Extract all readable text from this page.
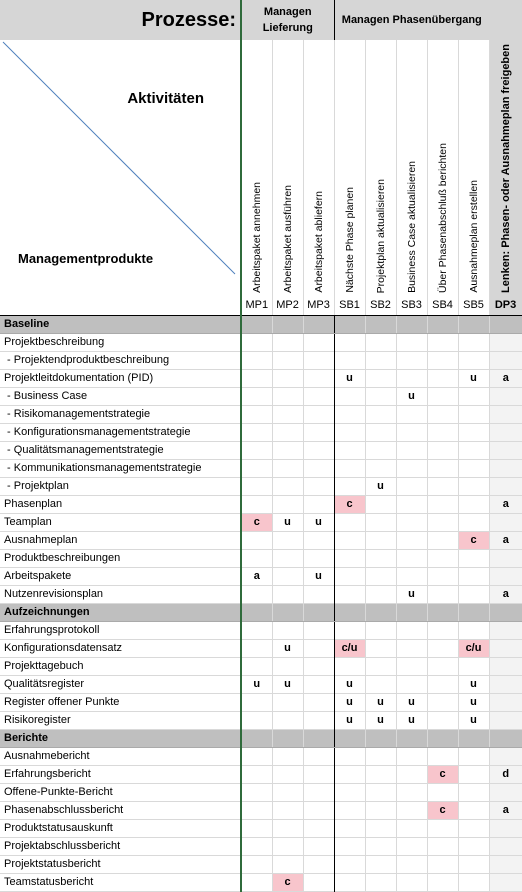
Prozesse:	Managen Lieferung			Managen Phasenübergang					

Aktivitäten
Managementprodukte	Arbeitspaket annehmen	Arbeitspaket ausführen	Arbeitspaket abliefern	Nächste Phase planen	Projektplan aktualisieren	Business Case aktualisieren	Über Phasenabschluß berichten	Ausnahmeplan erstellen	Lenken: Phasen- oder Ausnahmeplan freigeben
	MP1	MP2	MP3	SB1	SB2	SB3	SB4	SB5	DP3
Baseline									
Projektbeschreibung									
- Projektendproduktbeschreibung									
Projektleitdokumentation (PID)				u				u	a
- Business Case						u			
- Risikomanagementstrategie									
- Konfigurationsmanagementstrategie									
- Qualitätsmanagementstrategie									
- Kommunikationsmanagementstrategie									
- Projektplan					u				
Phasenplan				c					a
Teamplan	c	u	u						
Ausnahmeplan								c	a
Produktbeschreibungen									
Arbeitspakete	a		u						
Nutzenrevisionsplan						u			a
Aufzeichnungen									
Erfahrungsprotokoll									
Konfigurationsdatensatz		u		c/u				c/u	
Projekttagebuch									
Qualitätsregister	u	u		u				u	
Register offener Punkte				u	u	u		u	
Risikoregister				u	u	u		u	
Berichte									
Ausnahmebericht									
Erfahrungsbericht							c		d
Offene-Punkte-Bericht									
Phasenabschlussbericht							c		a
Produktstatusauskunft									
Projektabschlussbericht									
Projektstatusbericht									
Teamstatusbericht		c							
